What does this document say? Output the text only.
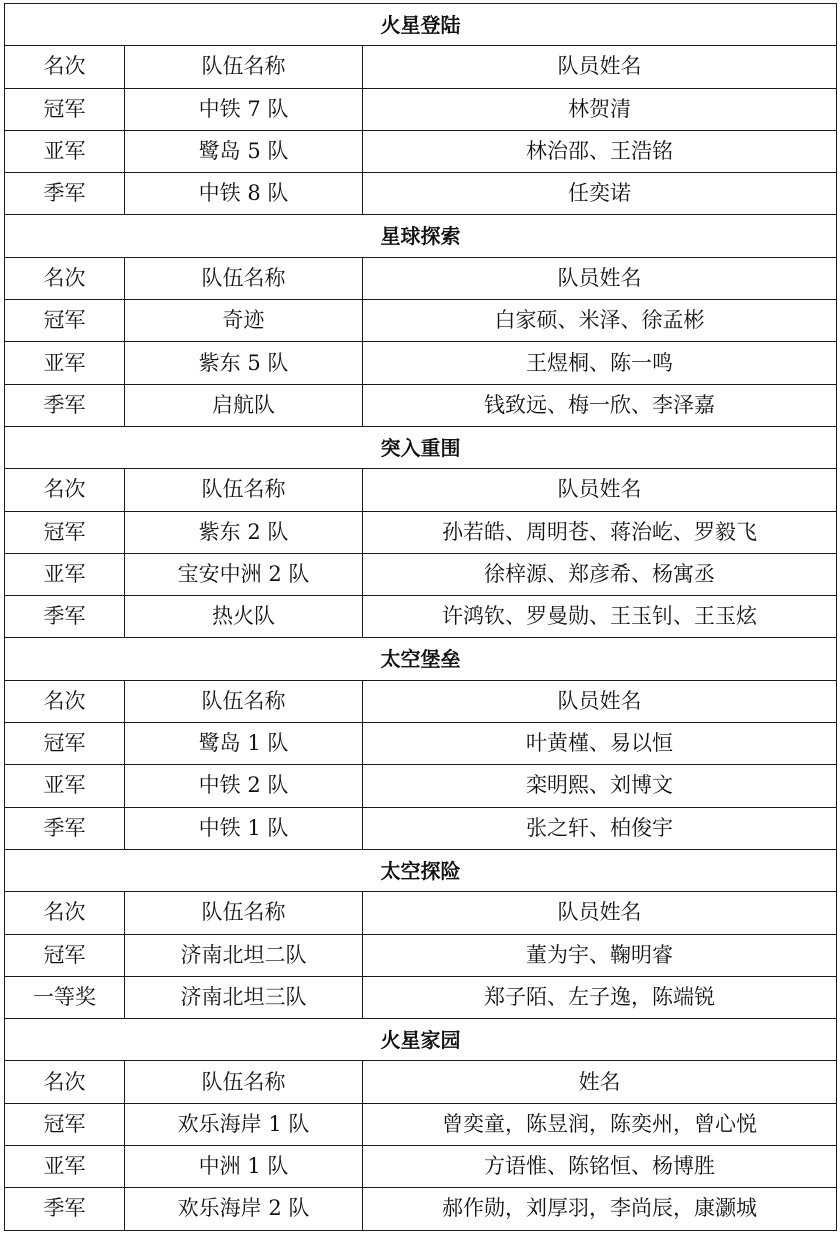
火星登陆		
名次	队伍名称	队员姓名
冠军	中铁 7 队	林贺清
亚军	鹭岛 5 队	林治邵、王浩铭
季军	中铁 8 队	任奕诺
星球探索		
名次	队伍名称	队员姓名
冠军	奇迹	白家硕、米泽、徐孟彬
亚军	紫东 5 队	王煜桐、陈一鸣
季军	启航队	钱致远、梅一欣、李泽嘉
突入重围		
名次	队伍名称	队员姓名
冠军	紫东 2 队	孙若皓、周明苍、蒋治屹、罗毅飞
亚军	宝安中洲 2 队	徐梓源、郑彦希、杨寓丞
季军	热火队	许鸿钦、罗曼勋、王玉钊、王玉炫
太空堡垒		
名次	队伍名称	队员姓名
冠军	鹭岛 1 队	叶黄槿、易以恒
亚军	中铁 2 队	栾明熙、刘博文
季军	中铁 1 队	张之轩、柏俊宇
太空探险		
名次	队伍名称	队员姓名
冠军	济南北坦二队	董为宇、鞠明睿
一等奖	济南北坦三队	郑子陌、左子逸，陈端锐
火星家园		
名次	队伍名称	姓名
冠军	欢乐海岸 1 队	曾奕童，陈昱润，陈奕州，曾心悦
亚军	中洲 1 队	方语惟、陈铭恒、杨博胜
季军	欢乐海岸 2 队	郝作勋，刘厚羽，李尚辰，康灏城
